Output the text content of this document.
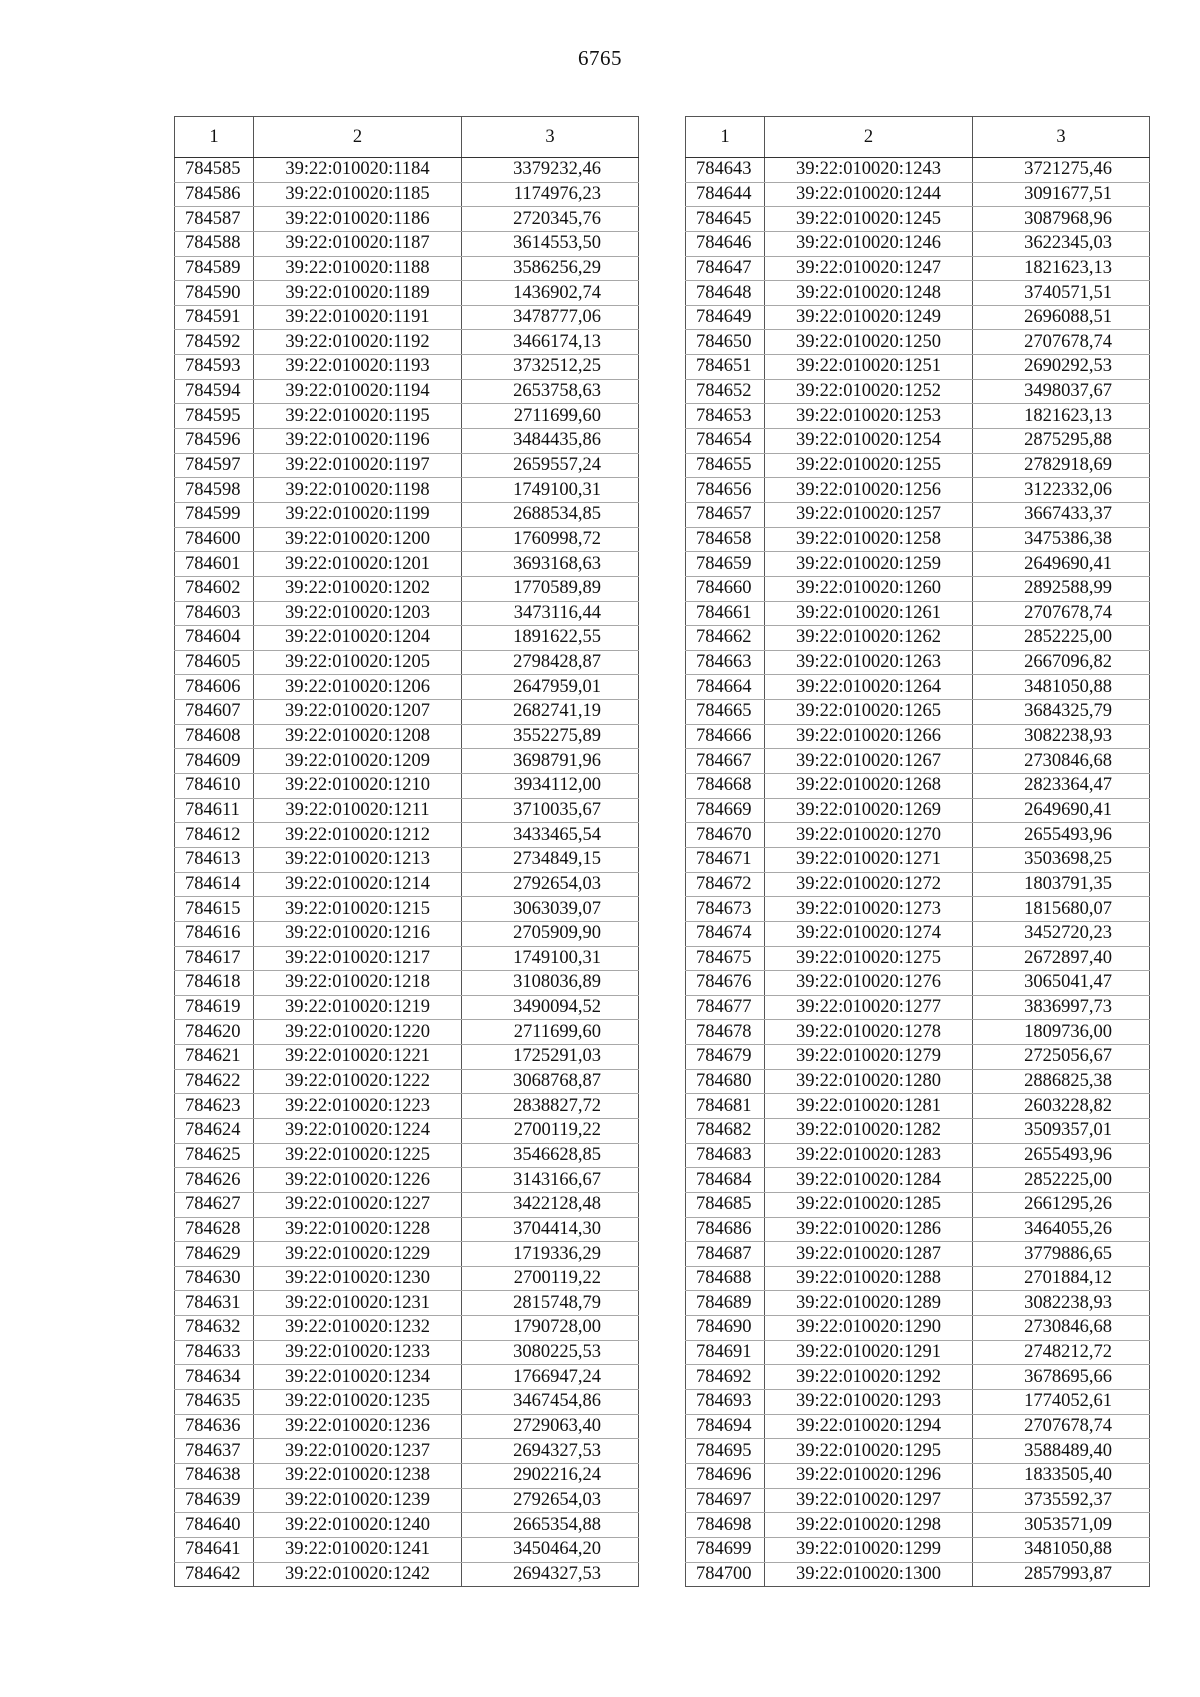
6765
1	2	3
784585	39:22:010020:1184	3379232,46
784586	39:22:010020:1185	1174976,23
784587	39:22:010020:1186	2720345,76
784588	39:22:010020:1187	3614553,50
784589	39:22:010020:1188	3586256,29
784590	39:22:010020:1189	1436902,74
784591	39:22:010020:1191	3478777,06
784592	39:22:010020:1192	3466174,13
784593	39:22:010020:1193	3732512,25
784594	39:22:010020:1194	2653758,63
784595	39:22:010020:1195	2711699,60
784596	39:22:010020:1196	3484435,86
784597	39:22:010020:1197	2659557,24
784598	39:22:010020:1198	1749100,31
784599	39:22:010020:1199	2688534,85
784600	39:22:010020:1200	1760998,72
784601	39:22:010020:1201	3693168,63
784602	39:22:010020:1202	1770589,89
784603	39:22:010020:1203	3473116,44
784604	39:22:010020:1204	1891622,55
784605	39:22:010020:1205	2798428,87
784606	39:22:010020:1206	2647959,01
784607	39:22:010020:1207	2682741,19
784608	39:22:010020:1208	3552275,89
784609	39:22:010020:1209	3698791,96
784610	39:22:010020:1210	3934112,00
784611	39:22:010020:1211	3710035,67
784612	39:22:010020:1212	3433465,54
784613	39:22:010020:1213	2734849,15
784614	39:22:010020:1214	2792654,03
784615	39:22:010020:1215	3063039,07
784616	39:22:010020:1216	2705909,90
784617	39:22:010020:1217	1749100,31
784618	39:22:010020:1218	3108036,89
784619	39:22:010020:1219	3490094,52
784620	39:22:010020:1220	2711699,60
784621	39:22:010020:1221	1725291,03
784622	39:22:010020:1222	3068768,87
784623	39:22:010020:1223	2838827,72
784624	39:22:010020:1224	2700119,22
784625	39:22:010020:1225	3546628,85
784626	39:22:010020:1226	3143166,67
784627	39:22:010020:1227	3422128,48
784628	39:22:010020:1228	3704414,30
784629	39:22:010020:1229	1719336,29
784630	39:22:010020:1230	2700119,22
784631	39:22:010020:1231	2815748,79
784632	39:22:010020:1232	1790728,00
784633	39:22:010020:1233	3080225,53
784634	39:22:010020:1234	1766947,24
784635	39:22:010020:1235	3467454,86
784636	39:22:010020:1236	2729063,40
784637	39:22:010020:1237	2694327,53
784638	39:22:010020:1238	2902216,24
784639	39:22:010020:1239	2792654,03
784640	39:22:010020:1240	2665354,88
784641	39:22:010020:1241	3450464,20
784642	39:22:010020:1242	2694327,53
1	2	3
784643	39:22:010020:1243	3721275,46
784644	39:22:010020:1244	3091677,51
784645	39:22:010020:1245	3087968,96
784646	39:22:010020:1246	3622345,03
784647	39:22:010020:1247	1821623,13
784648	39:22:010020:1248	3740571,51
784649	39:22:010020:1249	2696088,51
784650	39:22:010020:1250	2707678,74
784651	39:22:010020:1251	2690292,53
784652	39:22:010020:1252	3498037,67
784653	39:22:010020:1253	1821623,13
784654	39:22:010020:1254	2875295,88
784655	39:22:010020:1255	2782918,69
784656	39:22:010020:1256	3122332,06
784657	39:22:010020:1257	3667433,37
784658	39:22:010020:1258	3475386,38
784659	39:22:010020:1259	2649690,41
784660	39:22:010020:1260	2892588,99
784661	39:22:010020:1261	2707678,74
784662	39:22:010020:1262	2852225,00
784663	39:22:010020:1263	2667096,82
784664	39:22:010020:1264	3481050,88
784665	39:22:010020:1265	3684325,79
784666	39:22:010020:1266	3082238,93
784667	39:22:010020:1267	2730846,68
784668	39:22:010020:1268	2823364,47
784669	39:22:010020:1269	2649690,41
784670	39:22:010020:1270	2655493,96
784671	39:22:010020:1271	3503698,25
784672	39:22:010020:1272	1803791,35
784673	39:22:010020:1273	1815680,07
784674	39:22:010020:1274	3452720,23
784675	39:22:010020:1275	2672897,40
784676	39:22:010020:1276	3065041,47
784677	39:22:010020:1277	3836997,73
784678	39:22:010020:1278	1809736,00
784679	39:22:010020:1279	2725056,67
784680	39:22:010020:1280	2886825,38
784681	39:22:010020:1281	2603228,82
784682	39:22:010020:1282	3509357,01
784683	39:22:010020:1283	2655493,96
784684	39:22:010020:1284	2852225,00
784685	39:22:010020:1285	2661295,26
784686	39:22:010020:1286	3464055,26
784687	39:22:010020:1287	3779886,65
784688	39:22:010020:1288	2701884,12
784689	39:22:010020:1289	3082238,93
784690	39:22:010020:1290	2730846,68
784691	39:22:010020:1291	2748212,72
784692	39:22:010020:1292	3678695,66
784693	39:22:010020:1293	1774052,61
784694	39:22:010020:1294	2707678,74
784695	39:22:010020:1295	3588489,40
784696	39:22:010020:1296	1833505,40
784697	39:22:010020:1297	3735592,37
784698	39:22:010020:1298	3053571,09
784699	39:22:010020:1299	3481050,88
784700	39:22:010020:1300	2857993,87
